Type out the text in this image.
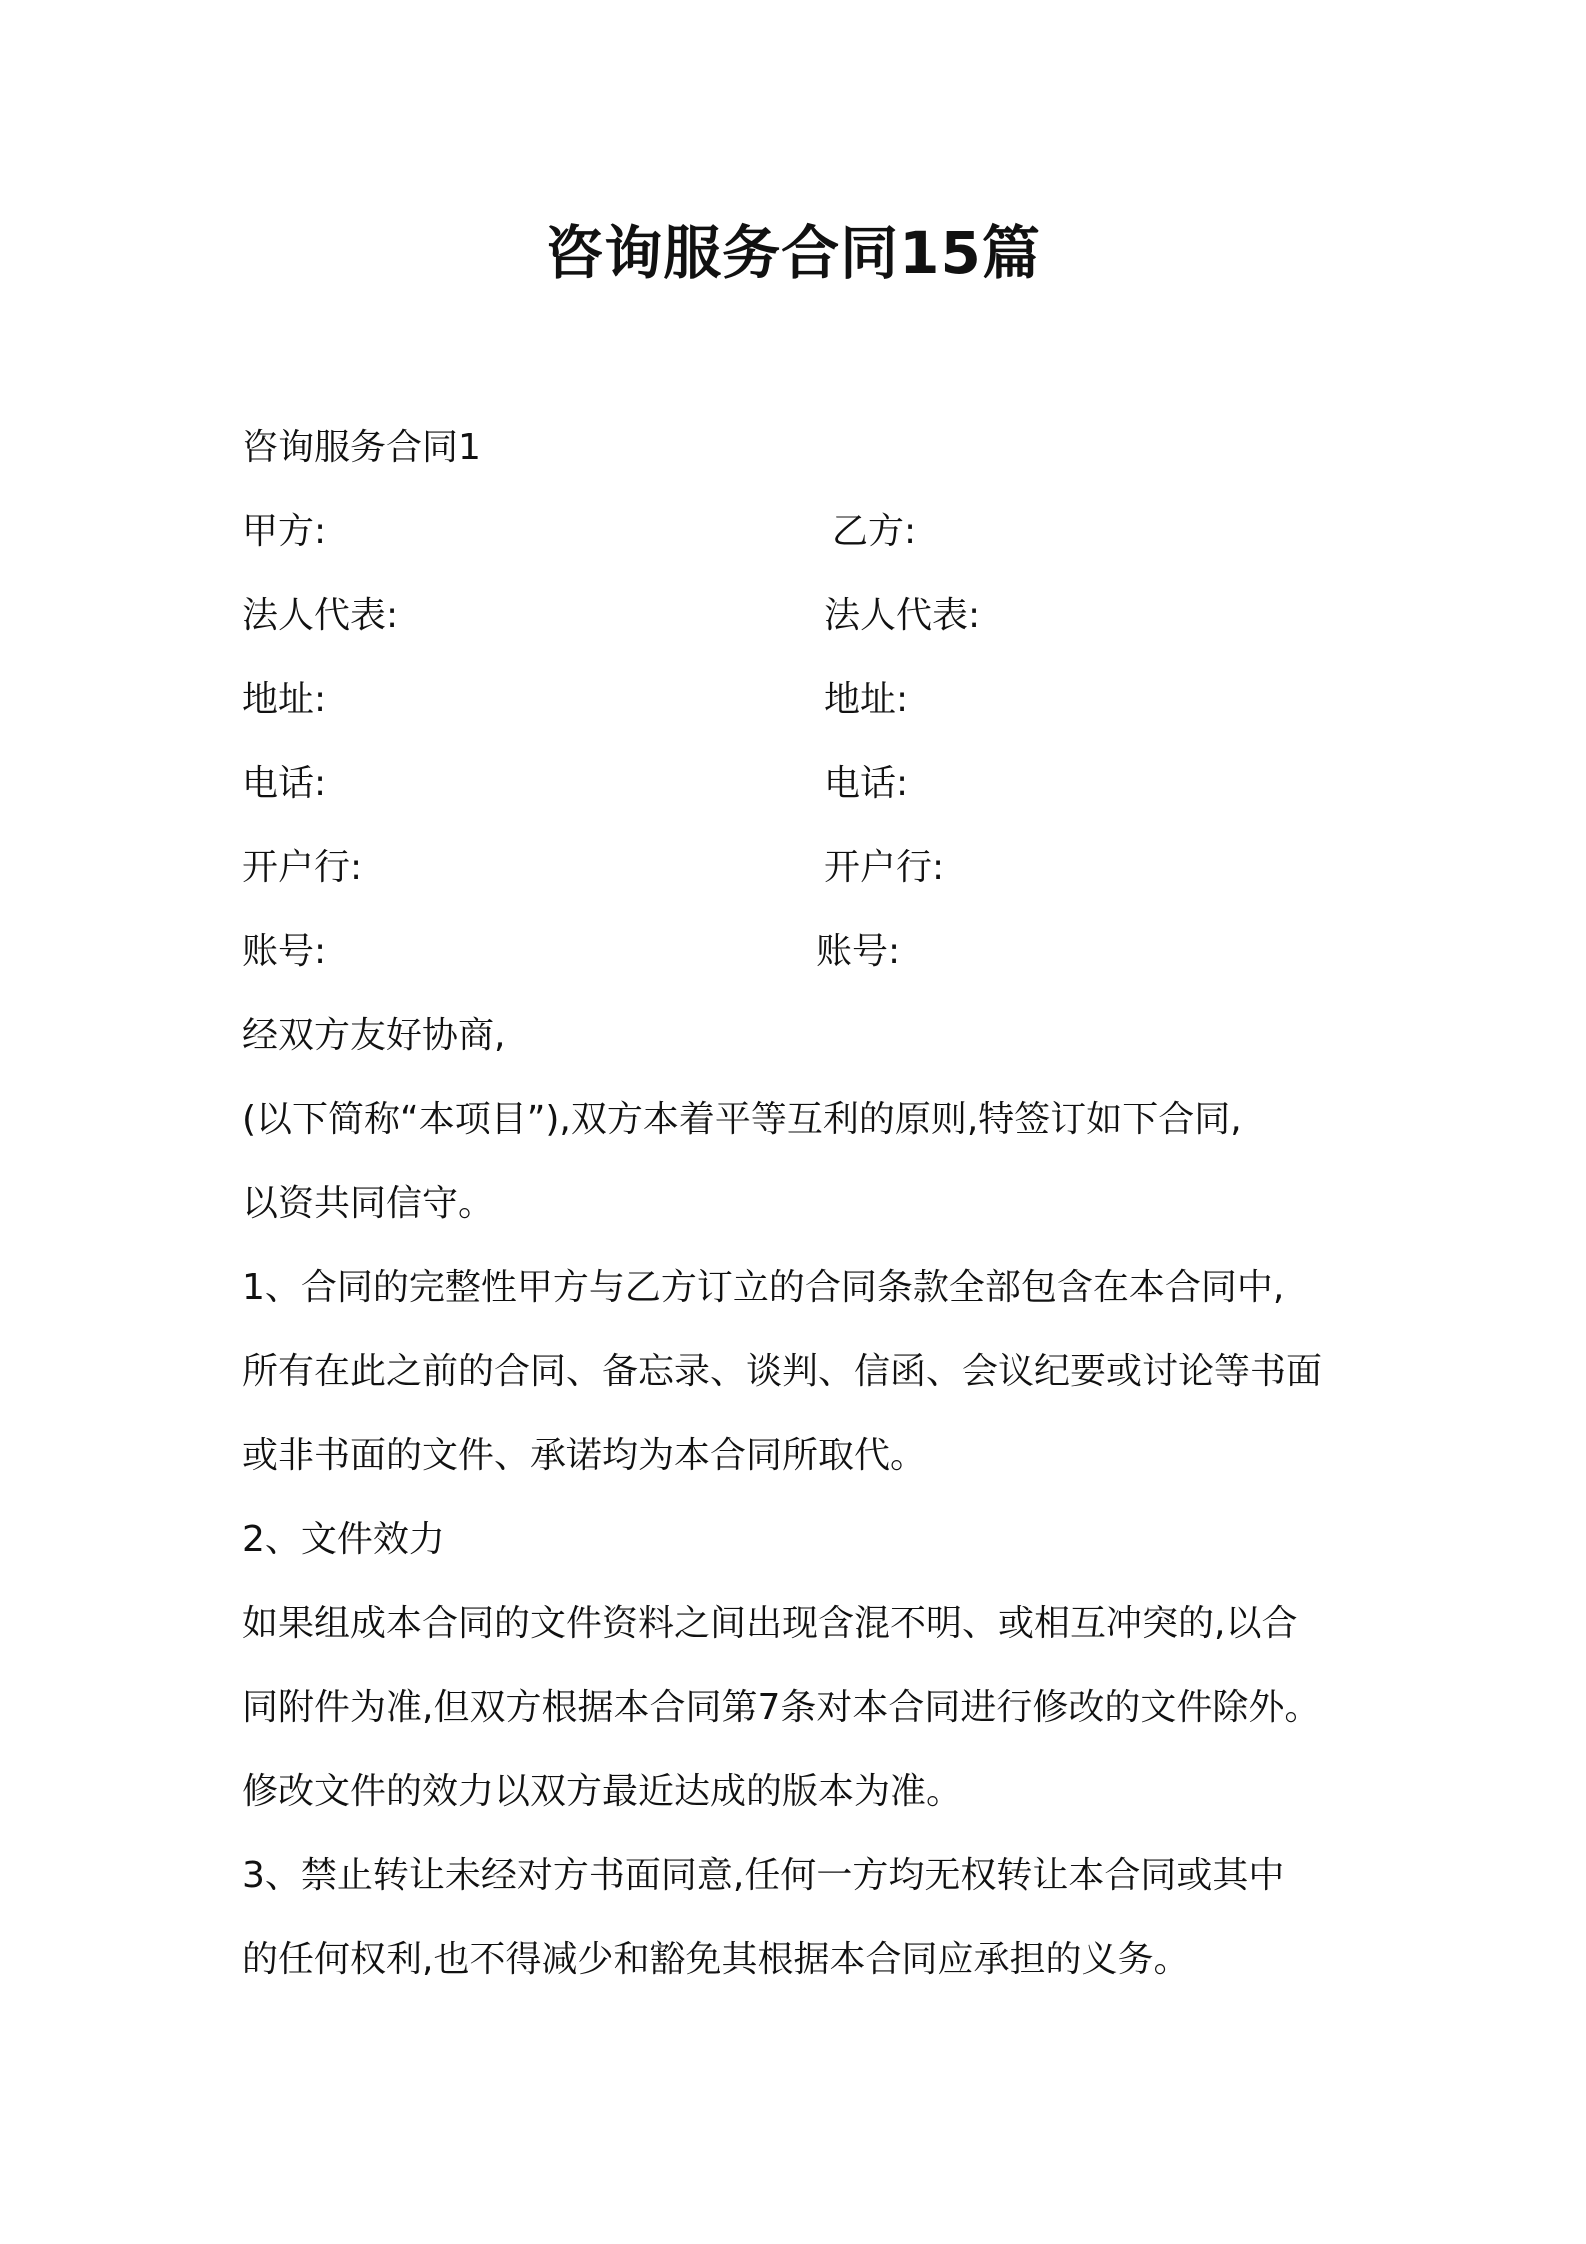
咨询服务合同15篇
咨询服务合同1
甲方:	乙方:
法人代表:	法人代表:
地址:	地址:
电话:	电话:
开户行:	开户行:
账号:	账号:
经双方友好协商,
(以下简称“本项目”),双方本着平等互利的原则,特签订如下合同,
以资共同信守。
1、合同的完整性甲方与乙方订立的合同条款全部包含在本合同中,
所有在此之前的合同、备忘录、谈判、信函、会议纪要或讨论等书面
或非书面的文件、承诺均为本合同所取代。
2、文件效力
如果组成本合同的文件资料之间出现含混不明、或相互冲突的,以合
同附件为准,但双方根据本合同第7条对本合同进行修改的文件除外。
修改文件的效力以双方最近达成的版本为准。
3、禁止转让未经对方书面同意,任何一方均无权转让本合同或其中
的任何权利,也不得减少和豁免其根据本合同应承担的义务。
